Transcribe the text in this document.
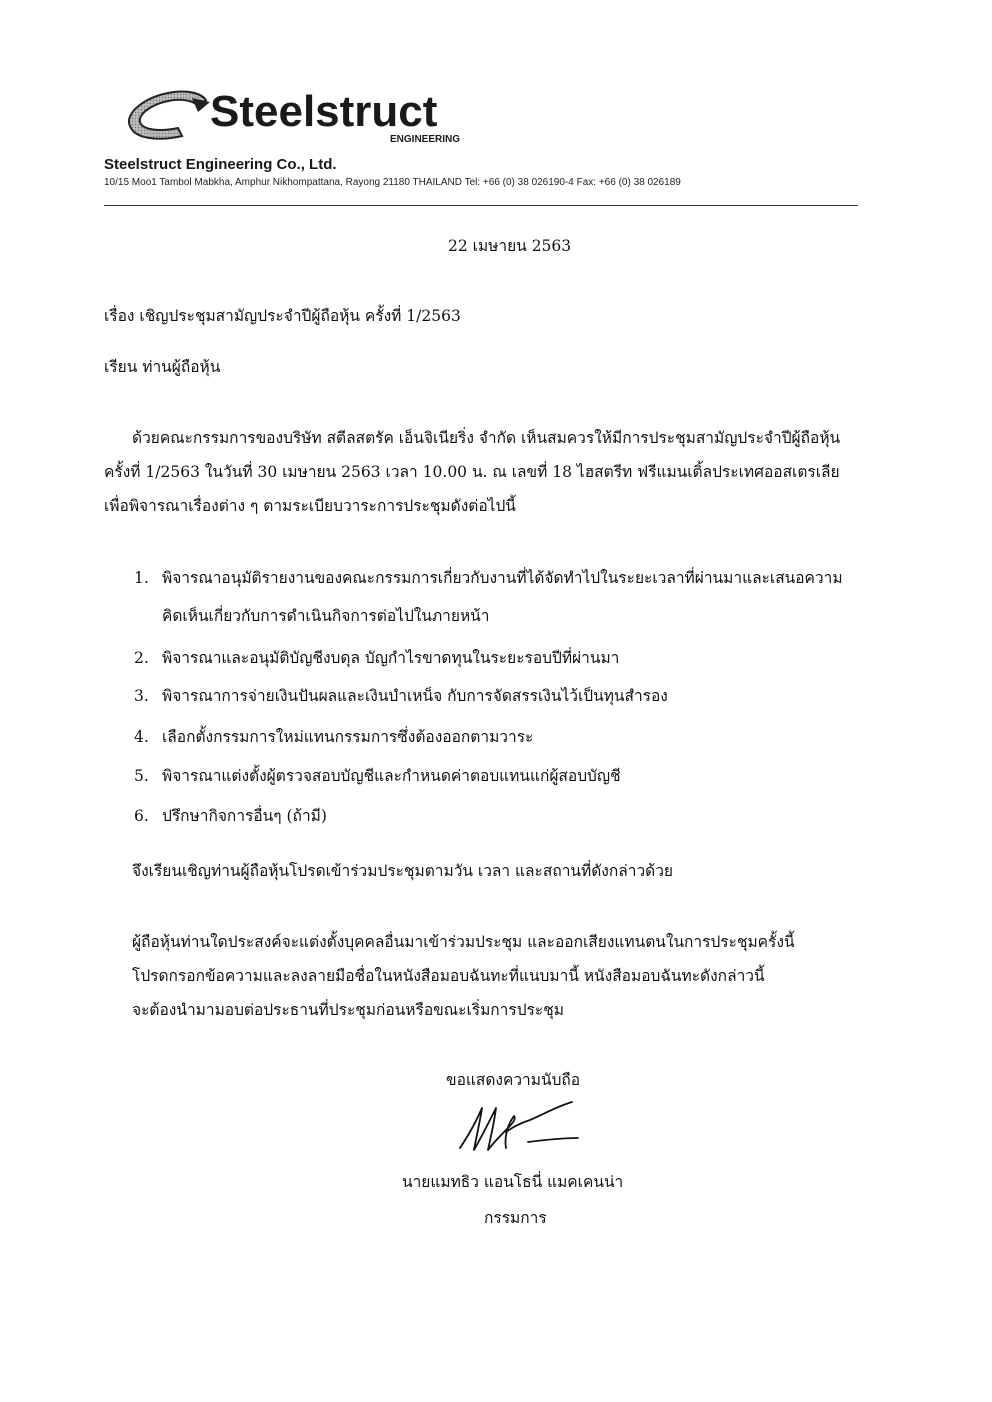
Steelstruct
ENGINEERING
Steelstruct Engineering Co., Ltd.
10/15 Moo1 Tambol Mabkha, Amphur Nikhompattana, Rayong 21180 THAILAND Tel: +66 (0) 38 026190-4 Fax: +66 (0) 38 026189
22 เมษายน 2563
เรื่อง เชิญประชุมสามัญประจำปีผู้ถือหุ้น ครั้งที่ 1/2563
เรียน ท่านผู้ถือหุ้น
ด้วยคณะกรรมการของบริษัท สตีลสตรัค เอ็นจิเนียริ่ง จำกัด เห็นสมควรให้มีการประชุมสามัญประจำปีผู้ถือหุ้น
ครั้งที่ 1/2563 ในวันที่ 30 เมษายน 2563 เวลา 10.00 น. ณ เลขที่ 18 ไฮสตรีท ฟรีแมนเติ้ลประเทศออสเตรเลีย
เพื่อพิจารณาเรื่องต่าง ๆ ตามระเบียบวาระการประชุมดังต่อไปนี้
1. พิจารณาอนุมัติรายงานของคณะกรรมการเกี่ยวกับงานที่ได้จัดทำไปในระยะเวลาที่ผ่านมาและเสนอความ
คิดเห็นเกี่ยวกับการดำเนินกิจการต่อไปในภายหน้า
2. พิจารณาและอนุมัติบัญชีงบดุล บัญกำไรขาดทุนในระยะรอบปีที่ผ่านมา
3. พิจารณาการจ่ายเงินปันผลและเงินบำเหน็จ กับการจัดสรรเงินไว้เป็นทุนสำรอง
4. เลือกตั้งกรรมการใหม่แทนกรรมการซึ่งต้องออกตามวาระ
5. พิจารณาแต่งตั้งผู้ตรวจสอบบัญชีและกำหนดค่าตอบแทนแก่ผู้สอบบัญชี
6. ปรึกษากิจการอื่นๆ (ถ้ามี)
จึงเรียนเชิญท่านผู้ถือหุ้นโปรดเข้าร่วมประชุมตามวัน เวลา และสถานที่ดังกล่าวด้วย
ผู้ถือหุ้นท่านใดประสงค์จะแต่งตั้งบุคคลอื่นมาเข้าร่วมประชุม และออกเสียงแทนตนในการประชุมครั้งนี้
โปรดกรอกข้อความและลงลายมือชื่อในหนังสือมอบฉันทะที่แนบมานี้ หนังสือมอบฉันทะดังกล่าวนี้
จะต้องนำมามอบต่อประธานที่ประชุมก่อนหรือขณะเริ่มการประชุม
ขอแสดงความนับถือ
นายแมทธิว แอนโธนี่ แมคเคนน่า
กรรมการ
